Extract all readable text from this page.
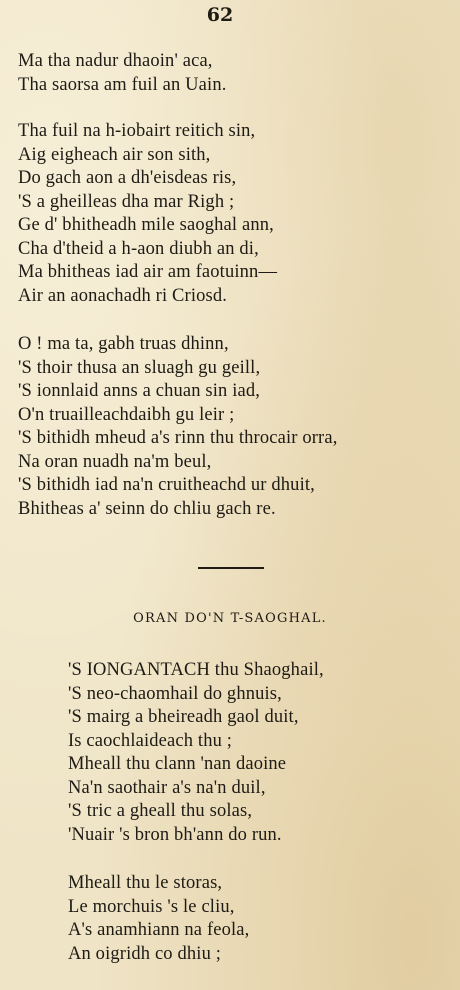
62
Ma tha nadur dhaoin' aca,
Tha saorsa am fuil an Uain.
Tha fuil na h-iobairt reitich sin,
Aig eigheach air son sith,
Do gach aon a dh'eisdeas ris,
'S a gheilleas dha mar Righ ;
Ge d' bhitheadh mile saoghal ann,
Cha d'theid a h-aon diubh an di,
Ma bhitheas iad air am faotuinn—
Air an aonachadh ri Criosd.
O ! ma ta, gabh truas dhinn,
'S thoir thusa an sluagh gu geill,
'S ionnlaid anns a chuan sin iad,
O'n truailleachdaibh gu leir ;
'S bithidh mheud a's rinn thu throcair orra,
Na oran nuadh na'm beul,
'S bithidh iad na'n cruitheachd ur dhuit,
Bhitheas a' seinn do chliu gach re.
ORAN DO'N T-SAOGHAL.
'S IONGANTACH thu Shaoghail,
'S neo-chaomhail do ghnuis,
'S mairg a bheireadh gaol duit,
Is caochlaideach thu ;
Mheall thu clann 'nan daoine
Na'n saothair a's na'n duil,
'S tric a gheall thu solas,
'Nuair 's bron bh'ann do run.
Mheall thu le storas,
Le morchuis 's le cliu,
A's anamhiann na feola,
An oigridh co dhiu ;
